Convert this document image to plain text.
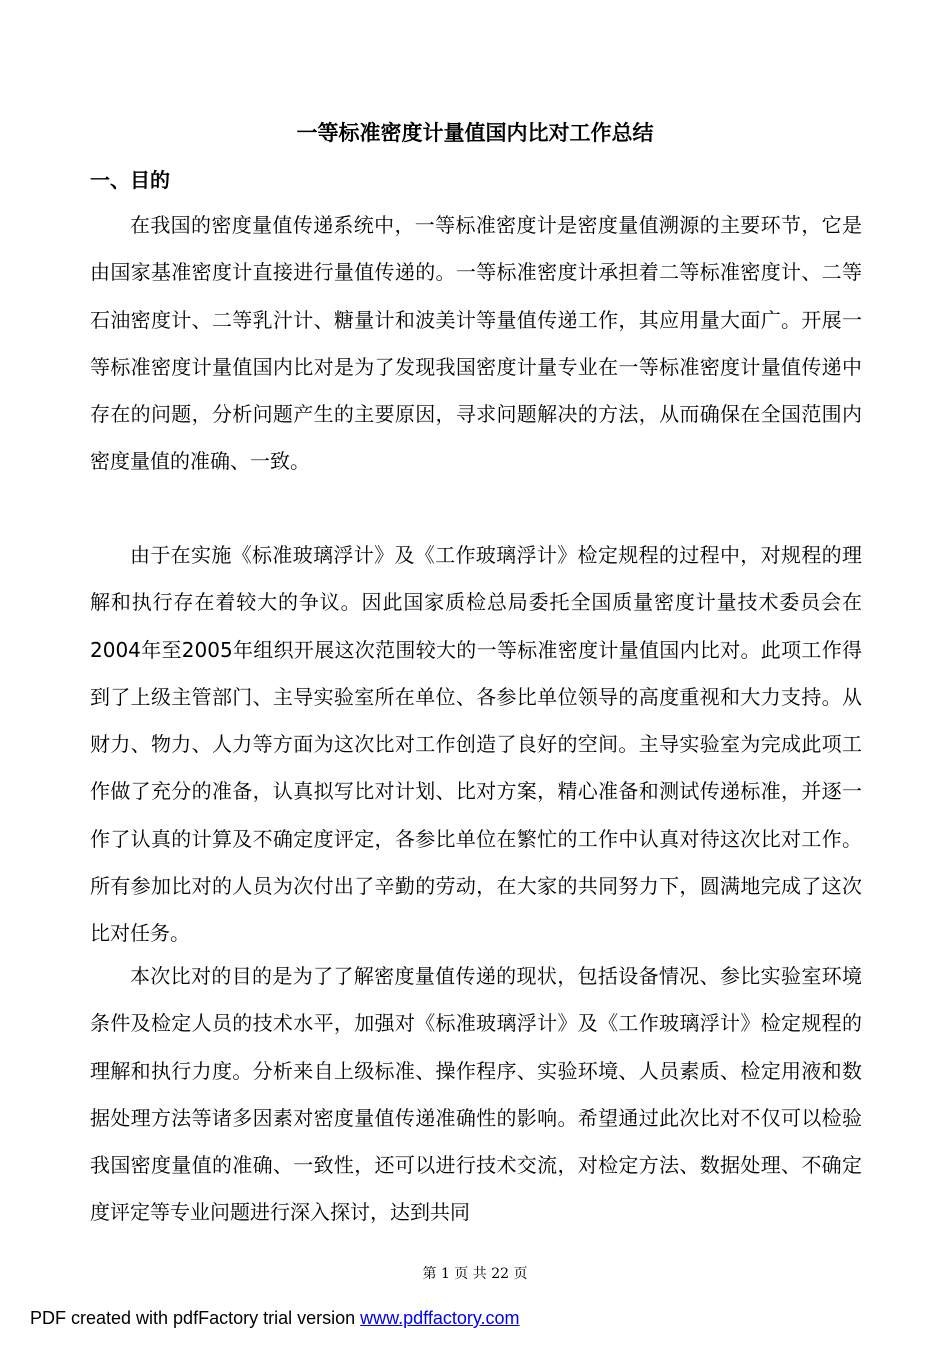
一等标准密度计量值国内比对工作总结
一、目的

在我国的密度量值传递系统中，一等标准密度计是密度量值溯源的主要环节，它是由国家基准密度计直接进行量值传递的。一等标准密度计承担着二等标准密度计、二等石油密度计、二等乳汁计、糖量计和波美计等量值传递工作，其应用量大面广。开展一等标准密度计量值国内比对是为了发现我国密度计量专业在一等标准密度计量值传递中存在的问题，分析问题产生的主要原因，寻求问题解决的方法，从而确保在全国范围内密度量值的准确、一致。

由于在实施《标准玻璃浮计》及《工作玻璃浮计》检定规程的过程中，对规程的理解和执行存在着较大的争议。因此国家质检总局委托全国质量密度计量技术委员会在2004年至2005年组织开展这次范围较大的一等标准密度计量值国内比对。此项工作得到了上级主管部门、主导实验室所在单位、各参比单位领导的高度重视和大力支持。从财力、物力、人力等方面为这次比对工作创造了良好的空间。主导实验室为完成此项工作做了充分的准备，认真拟写比对计划、比对方案，精心准备和测试传递标准，并逐一作了认真的计算及不确定度评定，各参比单位在繁忙的工作中认真对待这次比对工作。所有参加比对的人员为次付出了辛勤的劳动，在大家的共同努力下，圆满地完成了这次比对任务。

本次比对的目的是为了了解密度量值传递的现状，包括设备情况、参比实验室环境条件及检定人员的技术水平，加强对《标准玻璃浮计》及《工作玻璃浮计》检定规程的理解和执行力度。分析来自上级标准、操作程序、实验环境、人员素质、检定用液和数据处理方法等诸多因素对密度量值传递准确性的影响。希望通过此次比对不仅可以检验我国密度量值的准确、一致性，还可以进行技术交流，对检定方法、数据处理、不确定度评定等专业问题进行深入探讨，达到共同

第 1 页 共 22 页
PDF created with pdfFactory trial version www.pdffactory.com
